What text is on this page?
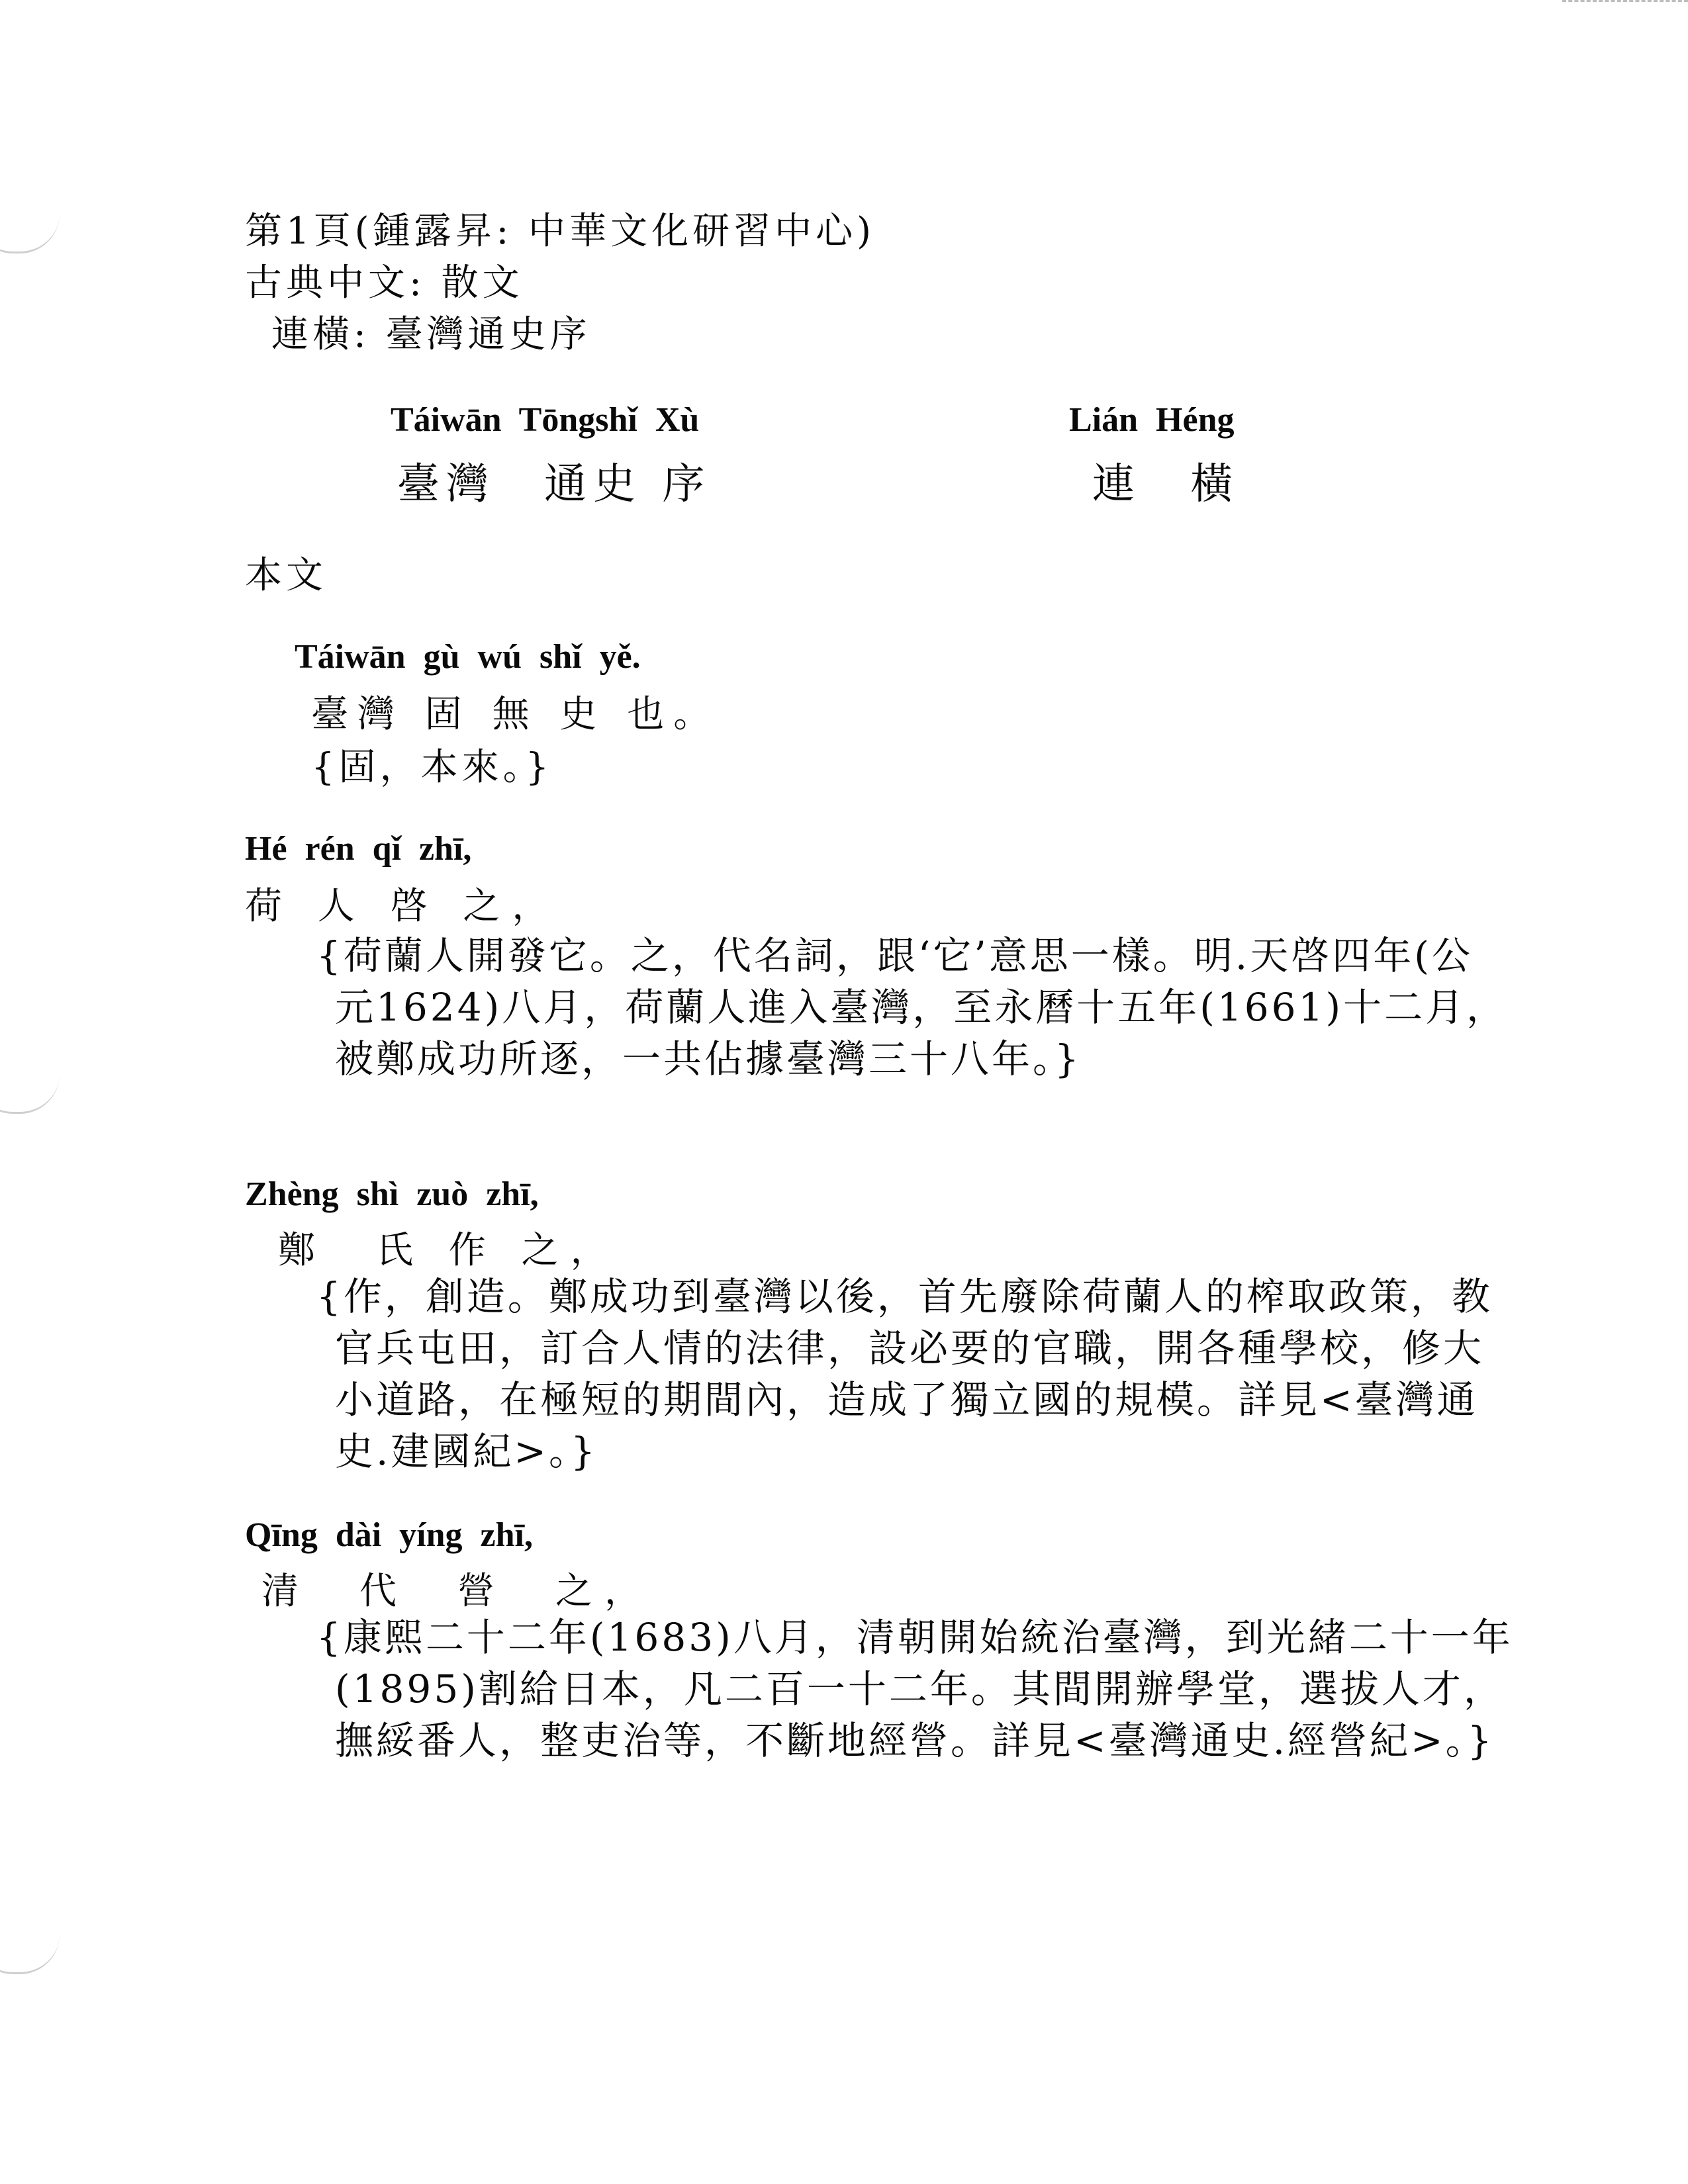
第1頁(鍾露昇: 中華文化研習中心)
古典中文: 散文
連橫: 臺灣通史序
Táiwān Tōngshǐ Xù
臺灣　通史 序
Lián Héng
連　橫
本文
Táiwān gù wú shǐ yě.
臺灣 固 無 史 也。
{固，本來。}
Hé rén qǐ zhī,
荷 人 啓 之，
{荷蘭人開發它。之，代名詞，跟‘它’意思一樣。明.天啓四年(公元1624)八月，荷蘭人進入臺灣，至永曆十五年(1661)十二月，被鄭成功所逐，一共佔據臺灣三十八年。}
Zhèng shì zuò zhī,
鄭　氏 作 之，
{作，創造。鄭成功到臺灣以後，首先廢除荷蘭人的榨取政策，教官兵屯田，訂合人情的法律，設必要的官職，開各種學校，修大小道路，在極短的期間內，造成了獨立國的規模。詳見<臺灣通史.建國紀>。}
Qīng dài yíng zhī,
清　代　營　之，
{康熙二十二年(1683)八月，清朝開始統治臺灣，到光緒二十一年(1895)割給日本，凡二百一十二年。其間開辦學堂，選拔人才，撫綏番人，整吏治等，不斷地經營。詳見<臺灣通史.經營紀>。}
